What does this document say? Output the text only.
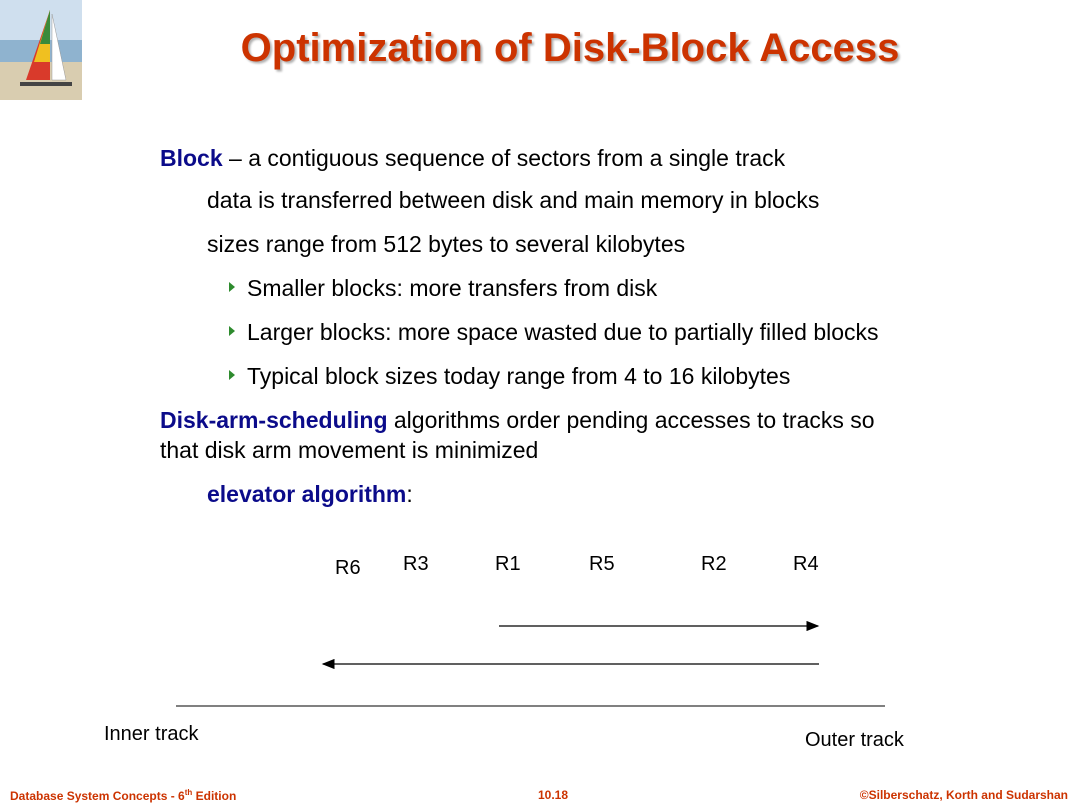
Optimization of Disk-Block Access
Block – a contiguous sequence of sectors from a single track
data is transferred between disk and main memory in blocks
sizes range from 512 bytes to several kilobytes
Smaller blocks: more transfers from disk
Larger blocks: more space wasted due to partially filled blocks
Typical block sizes today range from 4 to 16 kilobytes
Disk-arm-scheduling algorithms order pending accesses to tracks so
that disk arm movement is minimized
elevator algorithm:
R6 R3	R1	R5	R2	R4
Inner track	Outer track
Database System Concepts - 6th Edition	10.18	©Silberschatz, Korth and Sudarshan
